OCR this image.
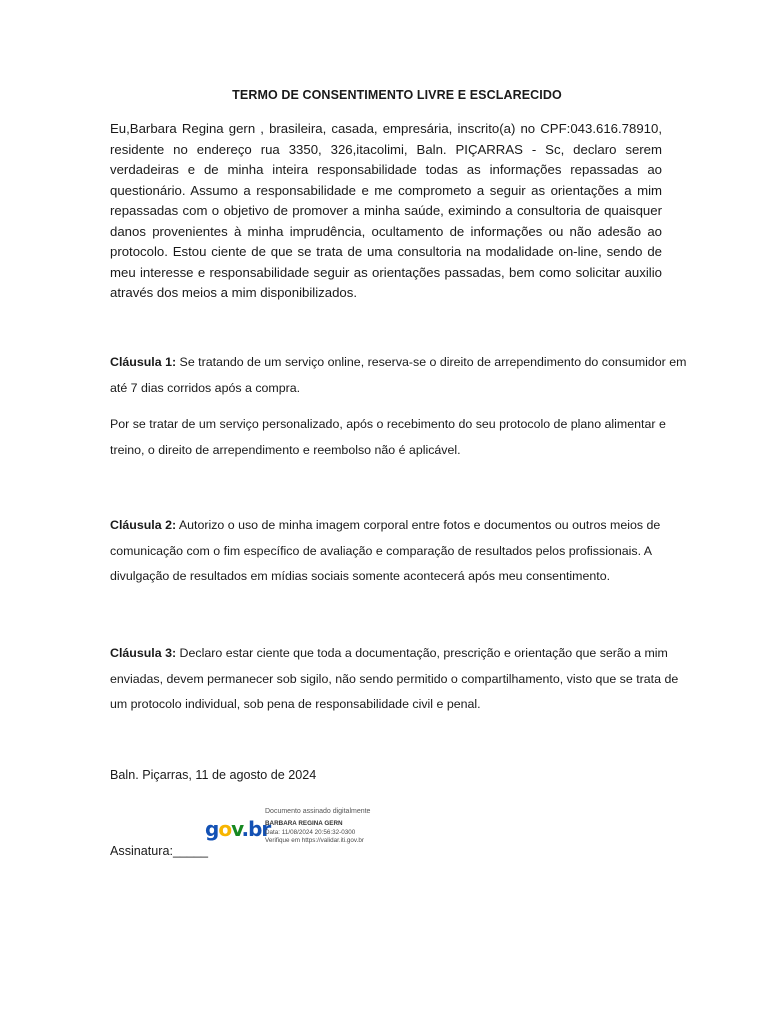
TERMO DE CONSENTIMENTO LIVRE E ESCLARECIDO

Eu,Barbara Regina gern , brasileira, casada, empresária, inscrito(a) no CPF:043.616.78910, residente no endereço rua 3350, 326,itacolimi, Baln. PIÇARRAS - Sc, declaro serem verdadeiras e de minha inteira responsabilidade todas as informações repassadas ao questionário. Assumo a responsabilidade e me comprometo a seguir as orientações a mim repassadas com o objetivo de promover a minha saúde, eximindo a consultoria de quaisquer danos provenientes à minha imprudência, ocultamento de informações ou não adesão ao protocolo. Estou ciente de que se trata de uma consultoria na modalidade on-line, sendo de meu interesse e responsabilidade seguir as orientações passadas, bem como solicitar auxilio através dos meios a mim disponibilizados.

Cláusula 1: Se tratando de um serviço online, reserva-se o direito de arrependimento do consumidor em até 7 dias corridos após a compra.

Por se tratar de um serviço personalizado, após o recebimento do seu protocolo de plano alimentar e treino, o direito de arrependimento e reembolso não é aplicável.

Cláusula 2: Autorizo o uso de minha imagem corporal entre fotos e documentos ou outros meios de comunicação com o fim específico de avaliação e comparação de resultados pelos profissionais. A divulgação de resultados em mídias sociais somente acontecerá após meu consentimento.

Cláusula 3: Declaro estar ciente que toda a documentação, prescrição e orientação que serão a mim enviadas, devem permanecer sob sigilo, não sendo permitido o compartilhamento, visto que se trata de um protocolo individual, sob pena de responsabilidade civil e penal.

Baln. Piçarras, 11 de agosto de 2024
Assinatura:_____
gov.br
Documento assinado digitalmente
BARBARA REGINA GERN
Data: 11/08/2024 20:56:32-0300
Verifique em https://validar.iti.gov.br
